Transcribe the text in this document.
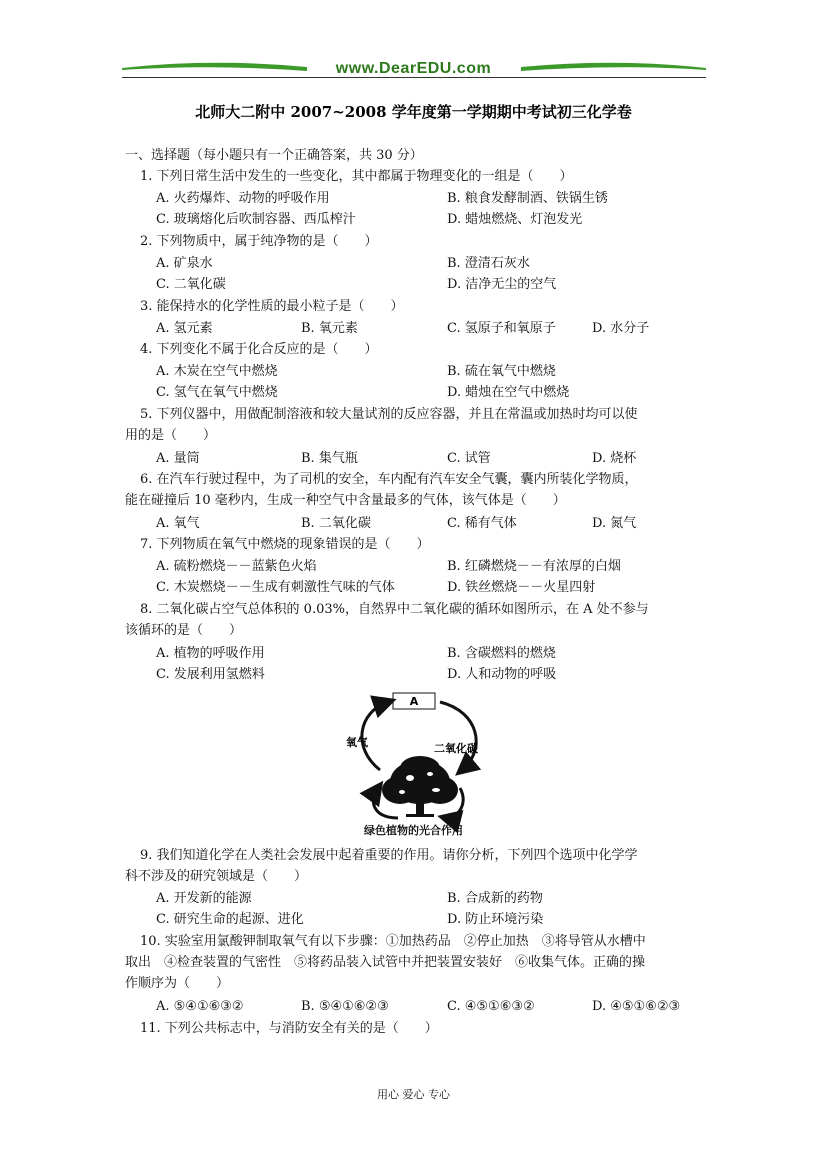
www.DearEDU.com
北师大二附中 2007~2008 学年度第一学期期中考试初三化学卷
一、选择题（每小题只有一个正确答案，共 30 分）
1. 下列日常生活中发生的一些变化，其中都属于物理变化的一组是（　　）
A. 火药爆炸、动物的呼吸作用	B. 粮食发酵制酒、铁锅生锈
C. 玻璃熔化后吹制容器、西瓜榨汁	D. 蜡烛燃烧、灯泡发光
2. 下列物质中，属于纯净物的是（　　）
A. 矿泉水	B. 澄清石灰水
C. 二氧化碳	D. 洁净无尘的空气
3. 能保持水的化学性质的最小粒子是（　　）
A. 氢元素	B. 氧元素	C. 氢原子和氧原子	D. 水分子
4. 下列变化不属于化合反应的是（　　）
A. 木炭在空气中燃烧	B. 硫在氧气中燃烧
C. 氢气在氧气中燃烧	D. 蜡烛在空气中燃烧
5. 下列仪器中，用做配制溶液和较大量试剂的反应容器，并且在常温或加热时均可以使
用的是（　　）
A. 量筒	B. 集气瓶	C. 试管	D. 烧杯
6. 在汽车行驶过程中，为了司机的安全，车内配有汽车安全气囊，囊内所装化学物质，
能在碰撞后 10 毫秒内，生成一种空气中含量最多的气体，该气体是（　　）
A. 氧气	B. 二氧化碳	C. 稀有气体	D. 氮气
7. 下列物质在氧气中燃烧的现象错误的是（　　）
A. 硫粉燃烧－－蓝紫色火焰	B. 红磷燃烧－－有浓厚的白烟
C. 木炭燃烧－－生成有刺激性气味的气体	D. 铁丝燃烧－－火星四射
8. 二氧化碳占空气总体积的 0.03%，自然界中二氧化碳的循环如图所示，在 A 处不参与
该循环的是（　　）
A. 植物的呼吸作用	B. 含碳燃料的燃烧
C. 发展利用氢燃料	D. 人和动物的呼吸
A
氧气	二氧化碳
绿色植物的光合作用
9. 我们知道化学在人类社会发展中起着重要的作用。请你分析，下列四个选项中化学学
科不涉及的研究领域是（　　）
A. 开发新的能源	B. 合成新的药物
C. 研究生命的起源、进化	D. 防止环境污染
10. 实验室用氯酸钾制取氧气有以下步骤：①加热药品　②停止加热　③将导管从水槽中
取出　④检查装置的气密性　⑤将药品装入试管中并把装置安装好　⑥收集气体。正确的操
作顺序为（　　）
A. ⑤④①⑥③②	B. ⑤④①⑥②③	C. ④⑤①⑥③②	D. ④⑤①⑥②③
11. 下列公共标志中，与消防安全有关的是（　　）
用心 爱心 专心
